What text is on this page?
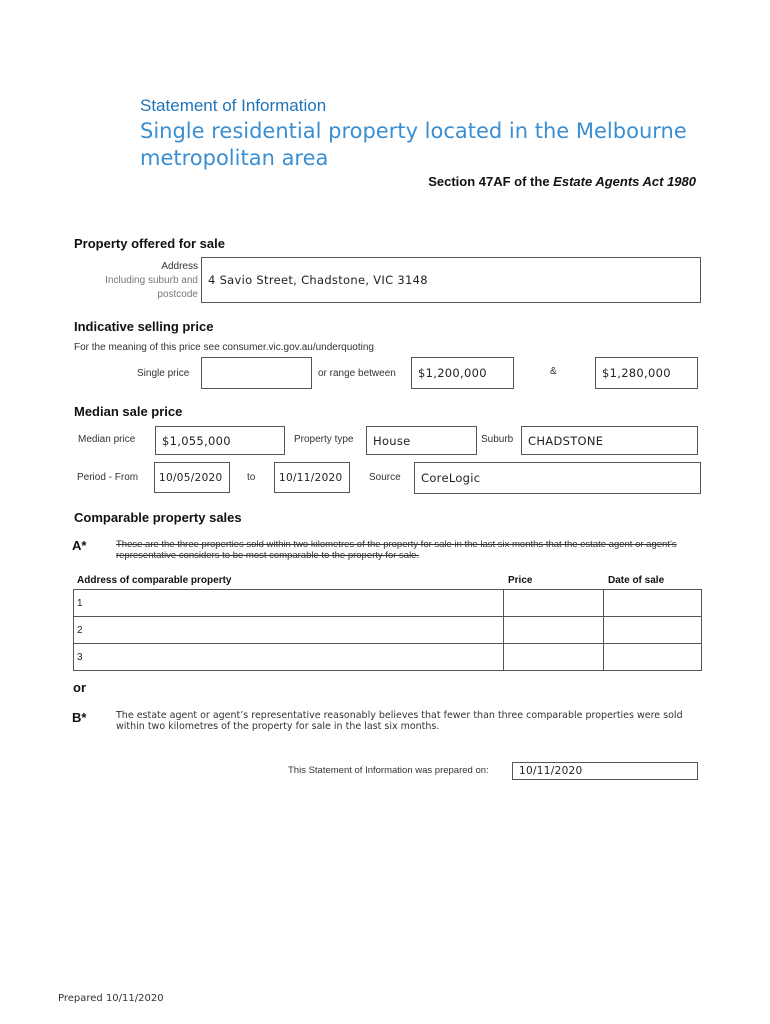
Statement of Information
Single residential property located in the Melbourne metropolitan area
Section 47AF of the Estate Agents Act 1980
Property offered for sale
Address
Including suburb and
postcode
4 Savio Street, Chadstone, VIC 3148
Indicative selling price
For the meaning of this price see consumer.vic.gov.au/underquoting
Single price	or range between	$1,200,000	&	$1,280,000
Median sale price
Median price	$1,055,000	Property type	House	Suburb	CHADSTONE
Period - From	10/05/2020	to	10/11/2020	Source	CoreLogic
Comparable property sales
A*	These are the three properties sold within two kilometres of the property for sale in the last six months that the estate agent or agent’s representative considers to be most comparable to the property for sale.
Address of comparable property	Price	Date of sale
1		
2		
3		
or
B*	The estate agent or agent’s representative reasonably believes that fewer than three comparable properties were sold within two kilometres of the property for sale in the last six months.
This Statement of Information was prepared on:	10/11/2020
Prepared 10/11/2020
